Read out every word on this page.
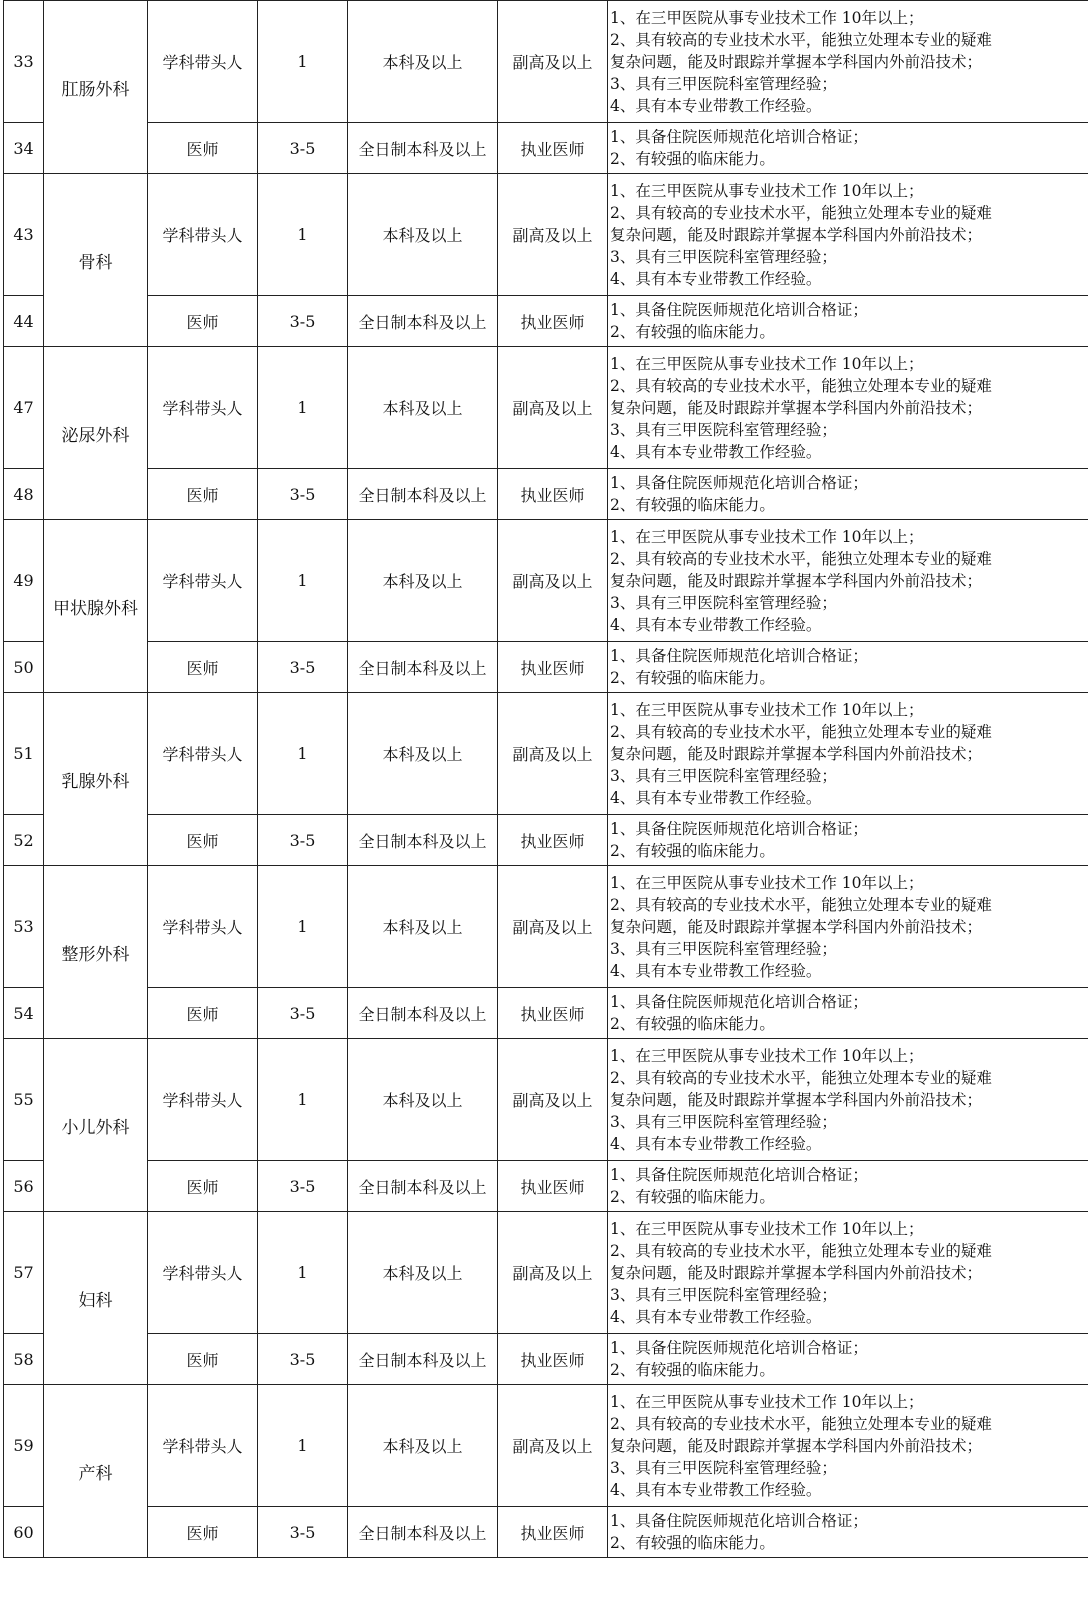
33	肛肠外科	学科带头人	1	本科及以上	副高及以上	1、在三甲医院从事专业技术工作 10年以上；
2、具有较高的专业技术水平，能独立处理本专业的疑难
复杂问题，能及时跟踪并掌握本学科国内外前沿技术；
3、具有三甲医院科室管理经验；
4、具有本专业带教工作经验。

34		医师	3-5	全日制本科及以上	执业医师	1、具备住院医师规范化培训合格证；
2、有较强的临床能力。

43	骨科	学科带头人	1	本科及以上	副高及以上	1、在三甲医院从事专业技术工作 10年以上；
2、具有较高的专业技术水平，能独立处理本专业的疑难
复杂问题，能及时跟踪并掌握本学科国内外前沿技术；
3、具有三甲医院科室管理经验；
4、具有本专业带教工作经验。

44		医师	3-5	全日制本科及以上	执业医师	1、具备住院医师规范化培训合格证；
2、有较强的临床能力。

47	泌尿外科	学科带头人	1	本科及以上	副高及以上	1、在三甲医院从事专业技术工作 10年以上；
2、具有较高的专业技术水平，能独立处理本专业的疑难
复杂问题，能及时跟踪并掌握本学科国内外前沿技术；
3、具有三甲医院科室管理经验；
4、具有本专业带教工作经验。

48		医师	3-5	全日制本科及以上	执业医师	1、具备住院医师规范化培训合格证；
2、有较强的临床能力。

49	甲状腺外科	学科带头人	1	本科及以上	副高及以上	1、在三甲医院从事专业技术工作 10年以上；
2、具有较高的专业技术水平，能独立处理本专业的疑难
复杂问题，能及时跟踪并掌握本学科国内外前沿技术；
3、具有三甲医院科室管理经验；
4、具有本专业带教工作经验。

50		医师	3-5	全日制本科及以上	执业医师	1、具备住院医师规范化培训合格证；
2、有较强的临床能力。

51	乳腺外科	学科带头人	1	本科及以上	副高及以上	1、在三甲医院从事专业技术工作 10年以上；
2、具有较高的专业技术水平，能独立处理本专业的疑难
复杂问题，能及时跟踪并掌握本学科国内外前沿技术；
3、具有三甲医院科室管理经验；
4、具有本专业带教工作经验。

52		医师	3-5	全日制本科及以上	执业医师	1、具备住院医师规范化培训合格证；
2、有较强的临床能力。

53	整形外科	学科带头人	1	本科及以上	副高及以上	1、在三甲医院从事专业技术工作 10年以上；
2、具有较高的专业技术水平，能独立处理本专业的疑难
复杂问题，能及时跟踪并掌握本学科国内外前沿技术；
3、具有三甲医院科室管理经验；
4、具有本专业带教工作经验。

54		医师	3-5	全日制本科及以上	执业医师	1、具备住院医师规范化培训合格证；
2、有较强的临床能力。

55	小儿外科	学科带头人	1	本科及以上	副高及以上	1、在三甲医院从事专业技术工作 10年以上；
2、具有较高的专业技术水平，能独立处理本专业的疑难
复杂问题，能及时跟踪并掌握本学科国内外前沿技术；
3、具有三甲医院科室管理经验；
4、具有本专业带教工作经验。

56		医师	3-5	全日制本科及以上	执业医师	1、具备住院医师规范化培训合格证；
2、有较强的临床能力。

57	妇科	学科带头人	1	本科及以上	副高及以上	1、在三甲医院从事专业技术工作 10年以上；
2、具有较高的专业技术水平，能独立处理本专业的疑难
复杂问题，能及时跟踪并掌握本学科国内外前沿技术；
3、具有三甲医院科室管理经验；
4、具有本专业带教工作经验。

58		医师	3-5	全日制本科及以上	执业医师	1、具备住院医师规范化培训合格证；
2、有较强的临床能力。

59	产科	学科带头人	1	本科及以上	副高及以上	1、在三甲医院从事专业技术工作 10年以上；
2、具有较高的专业技术水平，能独立处理本专业的疑难
复杂问题，能及时跟踪并掌握本学科国内外前沿技术；
3、具有三甲医院科室管理经验；
4、具有本专业带教工作经验。

60		医师	3-5	全日制本科及以上	执业医师	1、具备住院医师规范化培训合格证；
2、有较强的临床能力。
